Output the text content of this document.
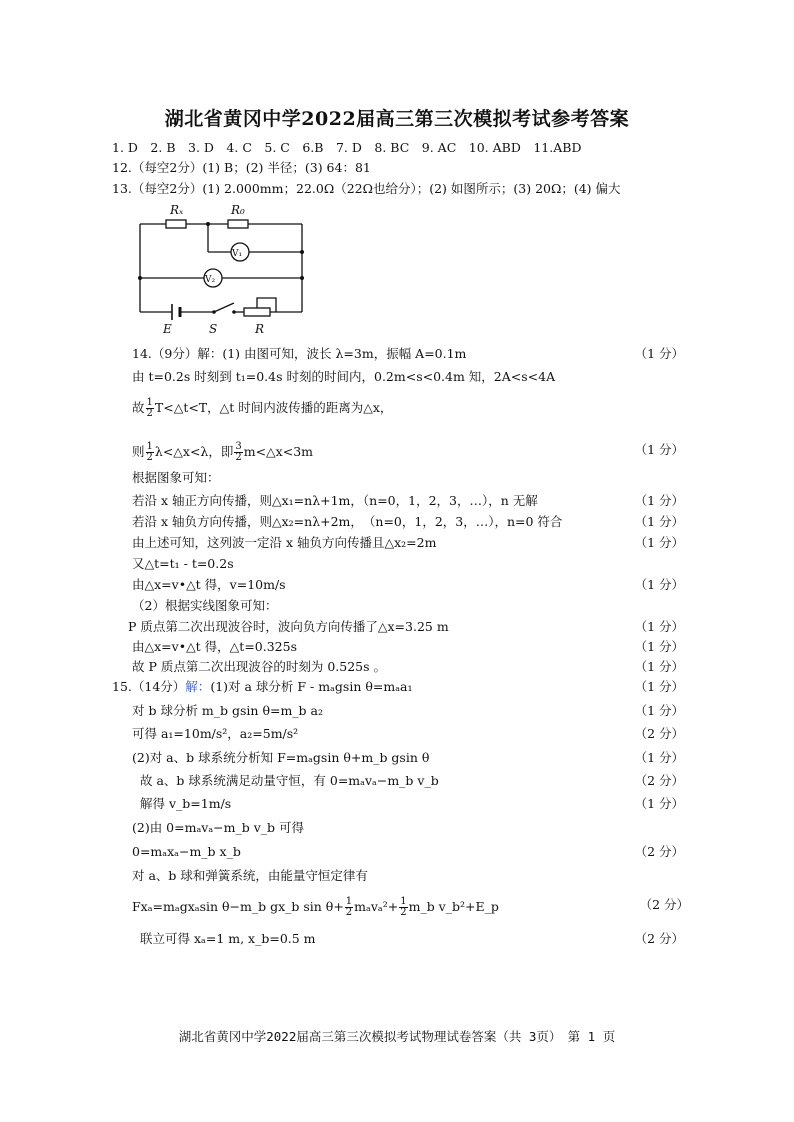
湖北省黄冈中学2022届高三第三次模拟考试参考答案
1. D　2. B　3. D　4. C　5. C　6.B　7. D　8. BC　9. AC　10. ABD　11.ABD
12.（每空2分）(1) B；(2) 半径；(3) 64：81
13.（每空2分）(1) 2.000mm；22.0Ω（22Ω也给分）；(2) 如图所示；(3) 20Ω；(4) 偏大
Rₓ	R₀
V₁
V₂
E	S	R
14.（9分）解：(1) 由图可知，波长 λ=3m，振幅 A=0.1m	（1 分）
由 t=0.2s 时刻到 t₁=0.4s 时刻的时间内，0.2m<s<0.4m 知，2A<s<4A
故 $\frac{1}{2}$ T<△t<T，△t 时间内波传播的距离为△x，
则 $\frac{1}{2}$ λ<△x<λ，即 $\frac{3}{2}$ m<△x<3m	（1 分）
根据图象可知：
若沿 x 轴正方向传播，则△x₁=nλ+1m，（n=0，1，2，3，…），n 无解	（1 分）
若沿 x 轴负方向传播，则△x₂=nλ+2m，　（n=0，1，2，3，…），n=0 符合	（1 分）
由上述可知，这列波一定沿 x 轴负方向传播且△x₂=2m	（1 分）
又△t=t₁ - t=0.2s
由△x=v•△t 得，v=10m/s	（1 分）
（2）根据实线图象可知：
P 质点第二次出现波谷时，波向负方向传播了△x=3.25 m	（1 分）
由△x=v•△t 得，△t=0.325s	（1 分）
故 P 质点第二次出现波谷的时刻为 0.525s 。	（1 分）
15.（14分）解：(1)对 a 球分析 F - mₐgsin θ=mₐa₁	（1 分）
对 b 球分析 m_b gsin θ=m_b a₂	（1 分）
可得 a₁=10m/s²，a₂=5m/s²	（2 分）
(2)对 a、b 球系统分析知 F=mₐgsin θ+m_b gsin θ	（1 分）
故 a、b 球系统满足动量守恒，有 0=mₐvₐ−m_b v_b	（2 分）
解得 v_b=1m/s	（1 分）
(2)由 0=mₐvₐ−m_b v_b 可得
0=mₐxₐ−m_b x_b	（2 分）
对 a、b 球和弹簧系统，由能量守恒定律有
Fxₐ=mₐgxₐsin θ−m_b gx_b $\sin \theta+ \frac{1}{2} m_av_a^2+ \frac{1}{2}$ m_b v_b²+E_p	（2 分）
联立可得 xₐ=1 m, x_b=0.5 m	（2 分）
湖北省黄冈中学2022届高三第三次模拟考试物理试卷答案（共 3页）　第 1 页
